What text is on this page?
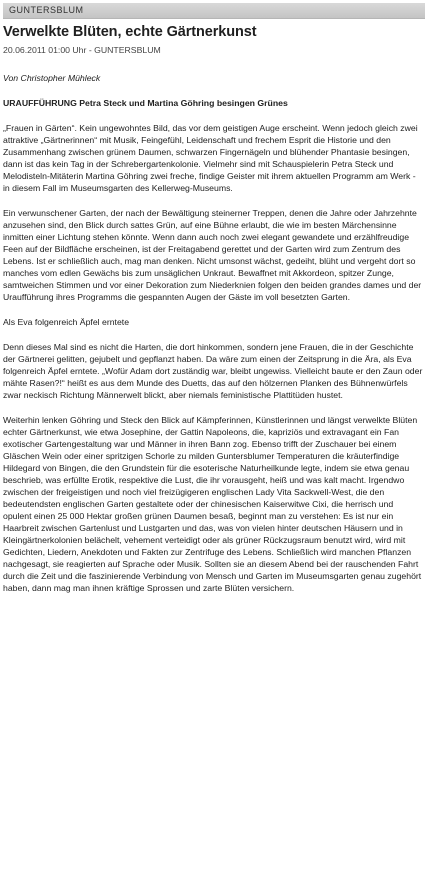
GUNTERSBLUM
Verwelkte Blüten, echte Gärtnerkunst
20.06.2011 01:00 Uhr - GUNTERSBLUM
Von Christopher Mühleck
URAUFFÜHRUNG Petra Steck und Martina Göhring besingen Grünes

„Frauen in Gärten“. Kein ungewohntes Bild, das vor dem geistigen Auge erscheint. Wenn jedoch gleich zwei attraktive „Gärtnerinnen“ mit Musik, Feingefühl, Leidenschaft und frechem Esprit die Historie und den Zusammenhang zwischen grünem Daumen, schwarzen Fingernägeln und blühender Phantasie besingen, dann ist das kein Tag in der Schrebergartenkolonie. Vielmehr sind mit Schauspielerin Petra Steck und Melodisteln-Mitäterin Martina Göhring zwei freche, findige Geister mit ihrem aktuellen Programm am Werk - in diesem Fall im Museumsgarten des Kellerweg-Museums.

Ein verwunschener Garten, der nach der Bewältigung steinerner Treppen, denen die Jahre oder Jahrzehnte anzusehen sind, den Blick durch sattes Grün, auf eine Bühne erlaubt, die wie im besten Märchensinne inmitten einer Lichtung stehen könnte. Wenn dann auch noch zwei elegant gewandete und erzählfreudige Feen auf der Bildfläche erscheinen, ist der Freitagabend gerettet und der Garten wird zum Zentrum des Lebens. Ist er schließlich auch, mag man denken. Nicht umsonst wächst, gedeiht, blüht und vergeht dort so manches vom edlen Gewächs bis zum unsäglichen Unkraut. Bewaffnet mit Akkordeon, spitzer Zunge, samtweichen Stimmen und vor einer Dekoration zum Niederknien folgen den beiden grandes dames und der Uraufführung ihres Programms die gespannten Augen der Gäste im voll besetzten Garten.

Als Eva folgenreich Äpfel erntete

Denn dieses Mal sind es nicht die Harten, die dort hinkommen, sondern jene Frauen, die in der Geschichte der Gärtnerei gelitten, gejubelt und gepflanzt haben. Da wäre zum einen der Zeitsprung in die Ära, als Eva folgenreich Äpfel erntete. „Wofür Adam dort zuständig war, bleibt ungewiss. Vielleicht baute er den Zaun oder mähte Rasen?!“ heißt es aus dem Munde des Duetts, das auf den hölzernen Planken des Bühnenwürfels zwar neckisch Richtung Männerwelt blickt, aber niemals feministische Plattitüden hustet.

Weiterhin lenken Göhring und Steck den Blick auf Kämpferinnen, Künstlerinnen und längst verwelkte Blüten echter Gärtnerkunst, wie etwa Josephine, der Gattin Napoleons, die, kapriziös und extravagant ein Fan exotischer Gartengestaltung war und Männer in ihren Bann zog. Ebenso trifft der Zuschauer bei einem Gläschen Wein oder einer spritzigen Schorle zu milden Guntersblumer Temperaturen die kräuterfindige Hildegard von Bingen, die den Grundstein für die esoterische Naturheilkunde legte, indem sie etwa genau beschrieb, was erfüllte Erotik, respektive die Lust, die ihr vorausgeht, heiß und was kalt macht. Irgendwo zwischen der freigeistigen und noch viel freizügigeren englischen Lady Vita Sackwell-West, die den bedeutendsten englischen Garten gestaltete oder der chinesischen Kaiserwitwe Cixi, die herrisch und opulent einen 25 000 Hektar großen grünen Daumen besaß, beginnt man zu verstehen: Es ist nur ein Haarbreit zwischen Gartenlust und Lustgarten und das, was von vielen hinter deutschen Häusern und in Kleingärtnerkolonien belächelt, vehement verteidigt oder als grüner Rückzugsraum benutzt wird, wird mit Gedichten, Liedern, Anekdoten und Fakten zur Zentrifuge des Lebens. Schließlich wird manchen Pflanzen nachgesagt, sie reagierten auf Sprache oder Musik. Sollten sie an diesem Abend bei der rauschenden Fahrt durch die Zeit und die faszinierende Verbindung von Mensch und Garten im Museumsgarten genau zugehört haben, dann mag man ihnen kräftige Sprossen und zarte Blüten versichern.
